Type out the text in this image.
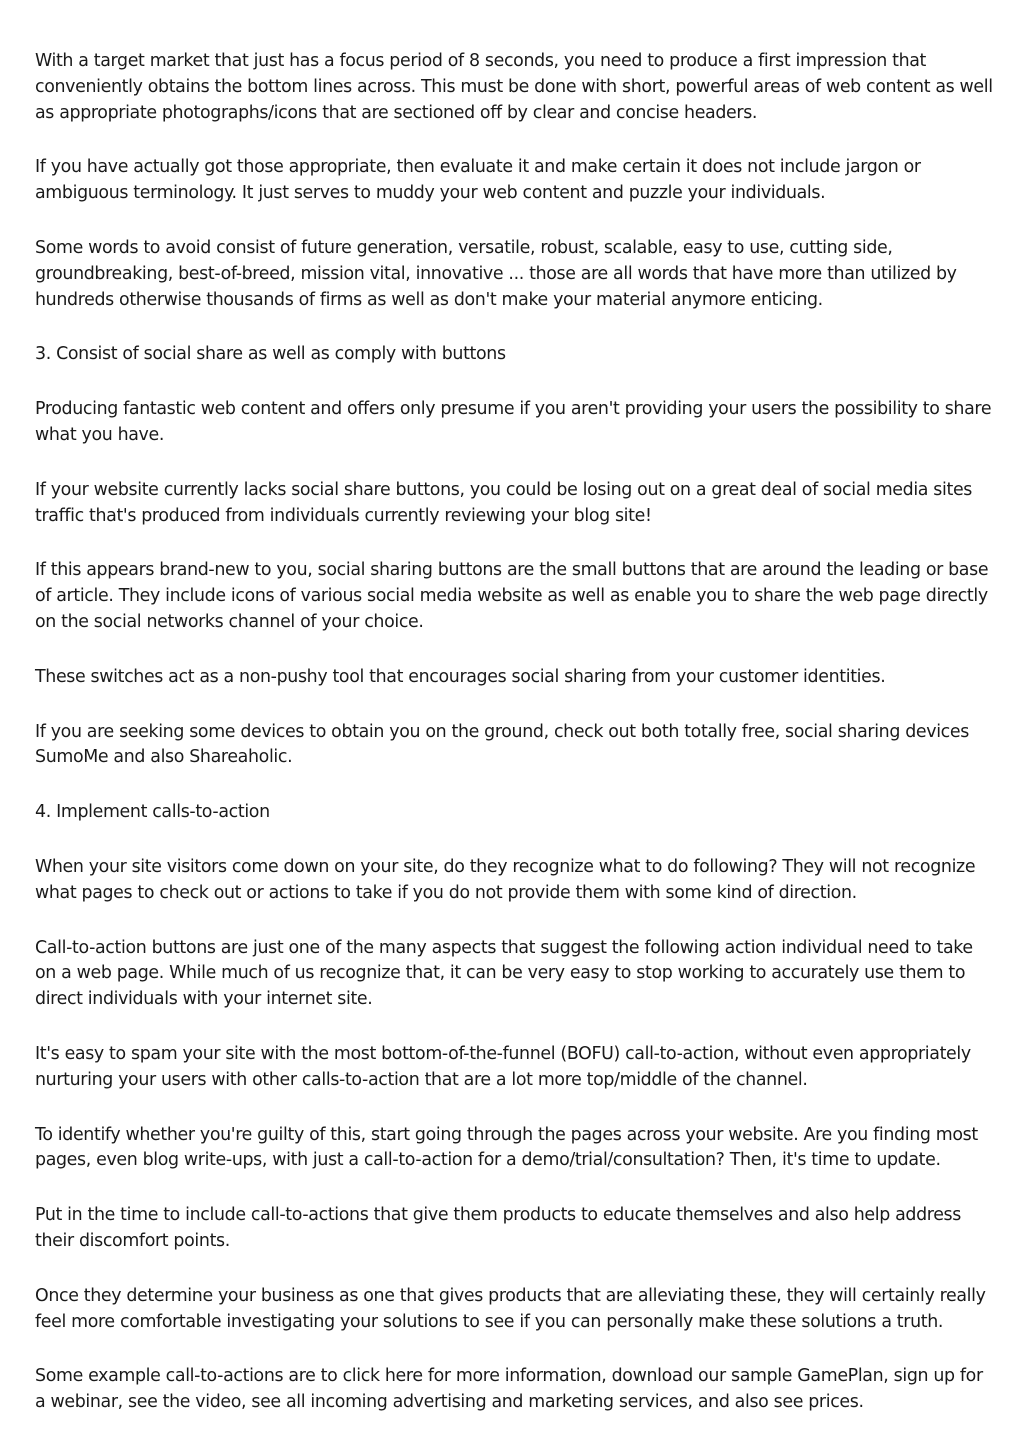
With a target market that just has a focus period of 8 seconds, you need to produce a first impression that conveniently obtains the bottom lines across. This must be done with short, powerful areas of web content as well as appropriate photographs/icons that are sectioned off by clear and concise headers.

If you have actually got those appropriate, then evaluate it and make certain it does not include jargon or ambiguous terminology. It just serves to muddy your web content and puzzle your individuals.

Some words to avoid consist of future generation, versatile, robust, scalable, easy to use, cutting side, groundbreaking, best-of-breed, mission vital, innovative ... those are all words that have more than utilized by hundreds otherwise thousands of firms as well as don't make your material anymore enticing.

3. Consist of social share as well as comply with buttons

Producing fantastic web content and offers only presume if you aren't providing your users the possibility to share what you have.

If your website currently lacks social share buttons, you could be losing out on a great deal of social media sites traffic that's produced from individuals currently reviewing your blog site!

If this appears brand-new to you, social sharing buttons are the small buttons that are around the leading or base of article. They include icons of various social media website as well as enable you to share the web page directly on the social networks channel of your choice.

These switches act as a non-pushy tool that encourages social sharing from your customer identities.

If you are seeking some devices to obtain you on the ground, check out both totally free, social sharing devices SumoMe and also Shareaholic.

4. Implement calls-to-action

When your site visitors come down on your site, do they recognize what to do following? They will not recognize what pages to check out or actions to take if you do not provide them with some kind of direction.

Call-to-action buttons are just one of the many aspects that suggest the following action individual need to take on a web page. While much of us recognize that, it can be very easy to stop working to accurately use them to direct individuals with your internet site.

It's easy to spam your site with the most bottom-of-the-funnel (BOFU) call-to-action, without even appropriately nurturing your users with other calls-to-action that are a lot more top/middle of the channel.

To identify whether you're guilty of this, start going through the pages across your website. Are you finding most pages, even blog write-ups, with just a call-to-action for a demo/trial/consultation? Then, it's time to update.

Put in the time to include call-to-actions that give them products to educate themselves and also help address their discomfort points.

Once they determine your business as one that gives products that are alleviating these, they will certainly really feel more comfortable investigating your solutions to see if you can personally make these solutions a truth.

Some example call-to-actions are to click here for more information, download our sample GamePlan, sign up for a webinar, see the video, see all incoming advertising and marketing services, and also see prices.
